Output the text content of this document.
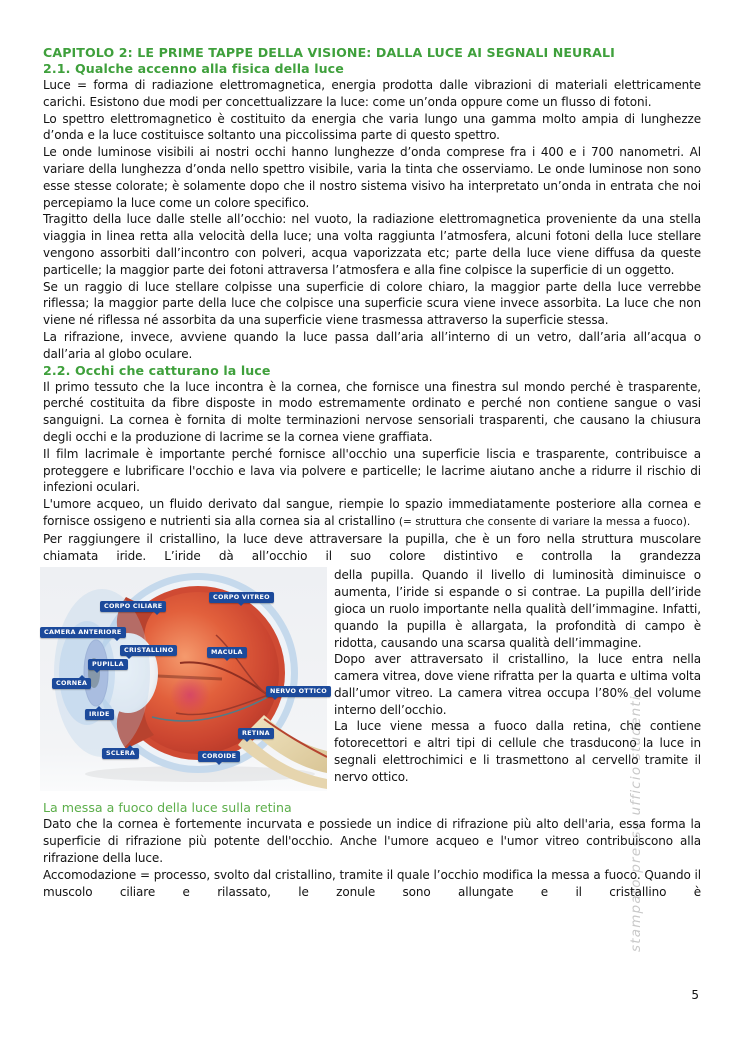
stampato presso ufficio studenti
CAPITOLO 2: LE PRIME TAPPE DELLA VISIONE: DALLA LUCE AI SEGNALI NEURALI
2.1. Qualche accenno alla fisica della luce

Luce = forma di radiazione elettromagnetica, energia prodotta dalle vibrazioni di materiali elettricamente carichi. Esistono due modi per concettualizzare la luce: come un’onda oppure come un flusso di fotoni.

Lo spettro elettromagnetico è costituito da energia che varia lungo una gamma molto ampia di lunghezze d’onda e la luce costituisce soltanto una piccolissima parte di questo spettro.

Le onde luminose visibili ai nostri occhi hanno lunghezze d’onda comprese fra i 400 e i 700 nanometri. Al variare della lunghezza d’onda nello spettro visibile, varia la tinta che osserviamo. Le onde luminose non sono esse stesse colorate; è solamente dopo che il nostro sistema visivo ha interpretato un’onda in entrata che noi percepiamo la luce come un colore specifico.

Tragitto della luce dalle stelle all’occhio: nel vuoto, la radiazione elettromagnetica proveniente da una stella viaggia in linea retta alla velocità della luce; una volta raggiunta l’atmosfera, alcuni fotoni della luce stellare vengono assorbiti dall’incontro con polveri, acqua vaporizzata etc; parte della luce viene diffusa da queste particelle; la maggior parte dei fotoni attraversa l’atmosfera e alla fine colpisce la superficie di un oggetto.

Se un raggio di luce stellare colpisse una superficie di colore chiaro, la maggior parte della luce verrebbe riflessa; la maggior parte della luce che colpisce una superficie scura viene invece assorbita. La luce che non viene né riflessa né assorbita da una superficie viene trasmessa attraverso la superficie stessa.

La rifrazione, invece, avviene quando la luce passa dall’aria all’interno di un vetro, dall’aria all’acqua o dall’aria al globo oculare.

2.2. Occhi che catturano la luce

Il primo tessuto che la luce incontra è la cornea, che fornisce una finestra sul mondo perché è trasparente, perché costituita da fibre disposte in modo estremamente ordinato e perché non contiene sangue o vasi sanguigni. La cornea è fornita di molte terminazioni nervose sensoriali trasparenti, che causano la chiusura degli occhi e la produzione di lacrime se la cornea viene graffiata.

Il film lacrimale è importante perché fornisce all'occhio una superficie liscia e trasparente, contribuisce a proteggere e lubrificare l'occhio e lava via polvere e particelle; le lacrime aiutano anche a ridurre il rischio di infezioni oculari.

L'umore acqueo, un fluido derivato dal sangue, riempie lo spazio immediatamente posteriore alla cornea e fornisce ossigeno e nutrienti sia alla cornea sia al cristallino (= struttura che consente di variare la messa a fuoco).

Per raggiungere il cristallino, la luce deve attraversare la pupilla, che è un foro nella struttura muscolare chiamata iride. L’iride dà all’occhio il suo colore distintivo e controlla la grandezza

CORPO CILIARE
CORPO VITREO
CAMERA ANTERIORE
CRISTALLINO	MACULA
PUPILLA
CORNEA
NERVO OTTICO
IRIDE
RETINA
SCLERA	COROIDE

della pupilla. Quando il livello di luminosità diminuisce o aumenta, l’iride si espande o si contrae. La pupilla dell’iride gioca un ruolo importante nella qualità dell’immagine. Infatti, quando la pupilla è allargata, la profondità di campo è ridotta, causando una scarsa qualità dell’immagine.

Dopo aver attraversato il cristallino, la luce entra nella camera vitrea, dove viene rifratta per la quarta e ultima volta dall’umor vitreo. La camera vitrea occupa l’80% del volume interno dell’occhio.

La luce viene messa a fuoco dalla retina, che contiene fotorecettori e altri tipi di cellule che trasducono la luce in segnali elettrochimici e li trasmettono al cervello tramite il nervo ottico.

La messa a fuoco della luce sulla retina

Dato che la cornea è fortemente incurvata e possiede un indice di rifrazione più alto dell'aria, essa forma la superficie di rifrazione più potente dell'occhio. Anche l'umore acqueo e l'umor vitreo contribuiscono alla rifrazione della luce.

Accomodazione = processo, svolto dal cristallino, tramite il quale l’occhio modifica la messa a fuoco. Quando il muscolo ciliare e rilassato, le zonule sono allungate e il cristallino è

5
